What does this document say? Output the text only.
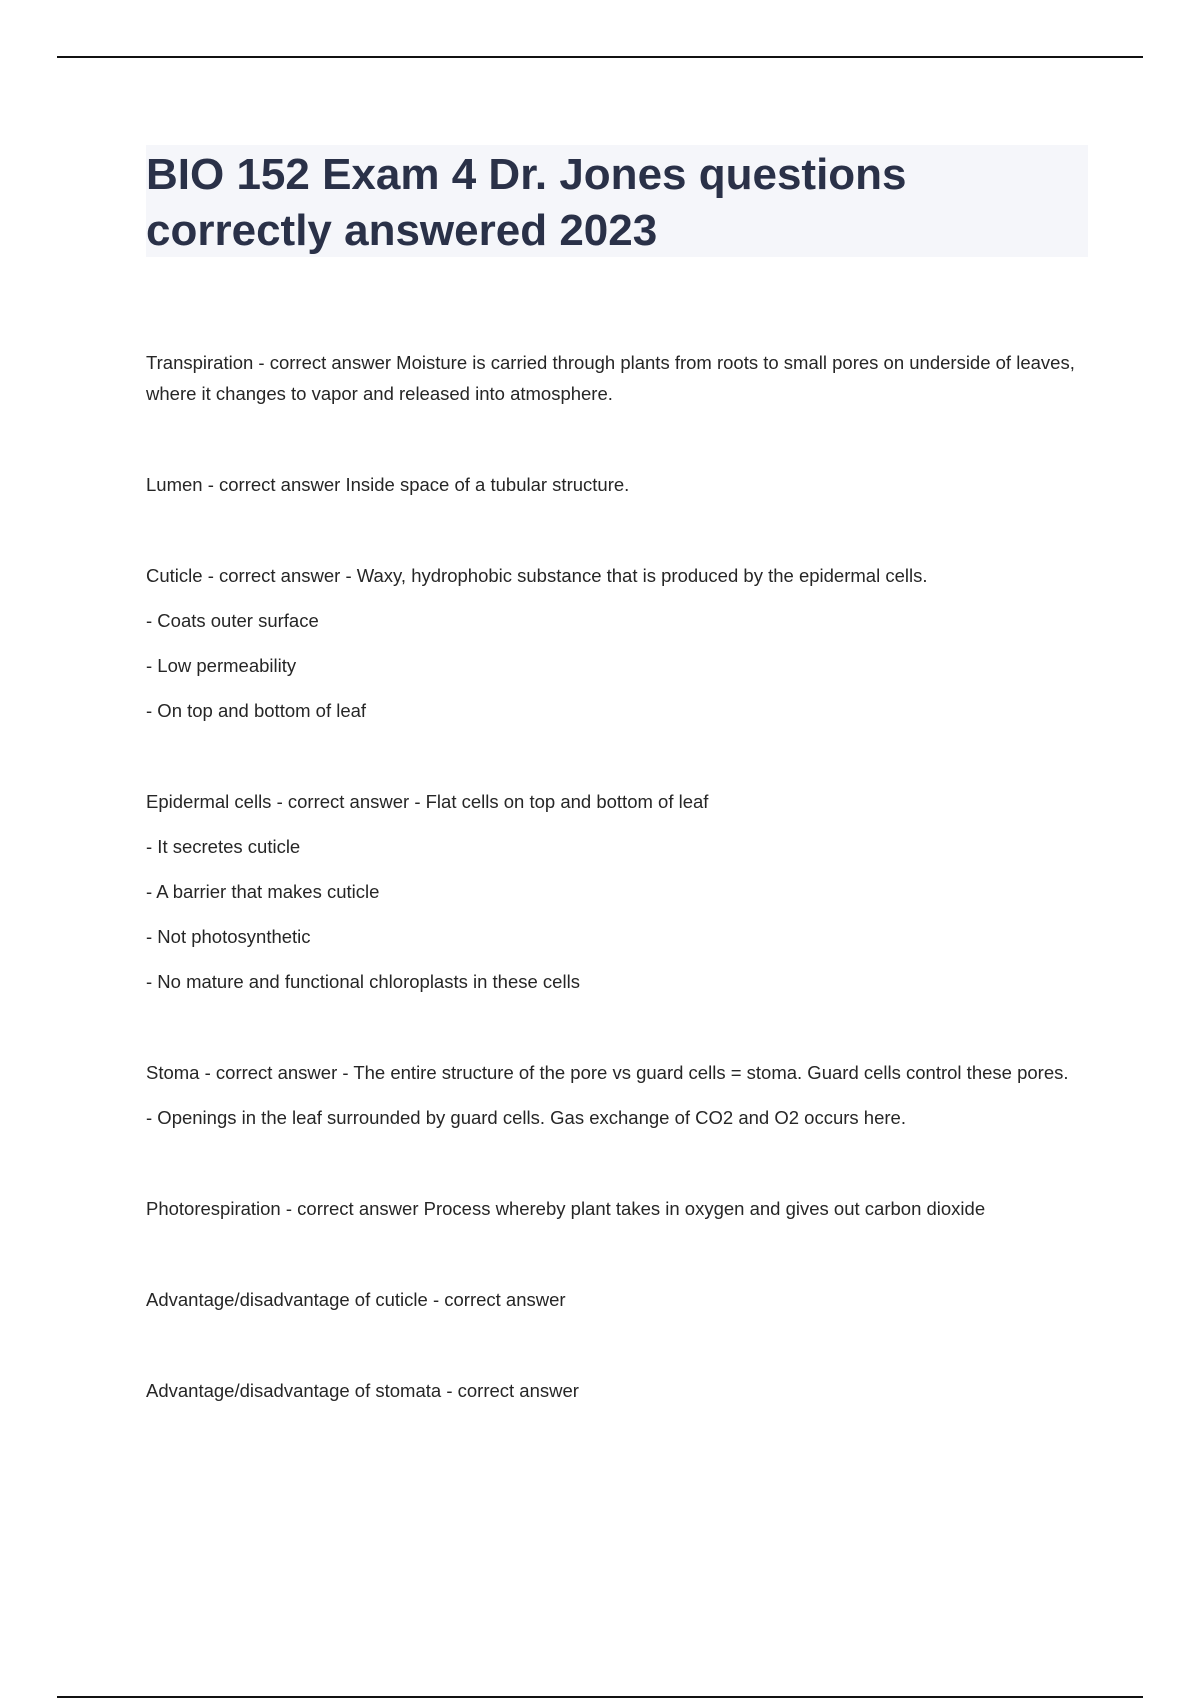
BIO 152 Exam 4 Dr. Jones questions correctly answered 2023

Transpiration - correct answer Moisture is carried through plants from roots to small pores on underside of leaves, where it changes to vapor and released into atmosphere.

Lumen - correct answer Inside space of a tubular structure.

Cuticle - correct answer - Waxy, hydrophobic substance that is produced by the epidermal cells.

- Coats outer surface

- Low permeability

- On top and bottom of leaf

Epidermal cells - correct answer - Flat cells on top and bottom of leaf

- It secretes cuticle

- A barrier that makes cuticle

- Not photosynthetic

- No mature and functional chloroplasts in these cells

Stoma - correct answer - The entire structure of the pore vs guard cells = stoma. Guard cells control these pores.

- Openings in the leaf surrounded by guard cells. Gas exchange of CO2 and O2 occurs here.

Photorespiration - correct answer Process whereby plant takes in oxygen and gives out carbon dioxide

Advantage/disadvantage of cuticle - correct answer

Advantage/disadvantage of stomata - correct answer
